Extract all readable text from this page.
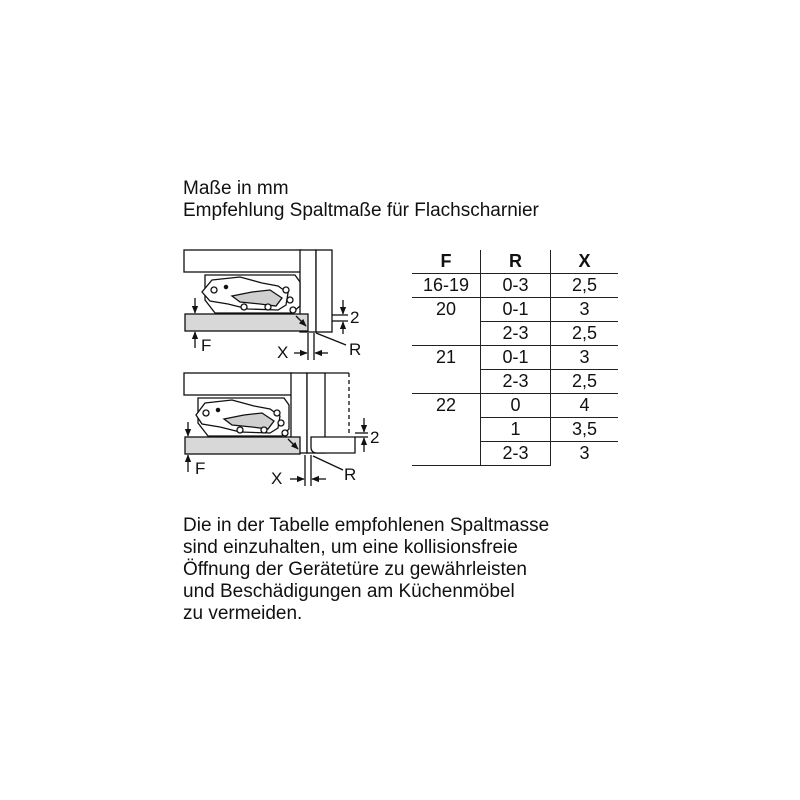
Maße in mm
Empfehlung Spaltmaße für Flachscharnier
F	X	R
2
F
X	R
2
F	R	X
16-19	0-3	2,5
20	0-1	3
	2-3	2,5
21	0-1	3
	2-3	2,5
22	0	4
	1	3,5
	2-3	3
Die in der Tabelle empfohlenen Spaltmasse
sind einzuhalten, um eine kollisionsfreie
Öffnung der Gerätetüre zu gewährleisten
und Beschädigungen am Küchenmöbel
zu vermeiden.
